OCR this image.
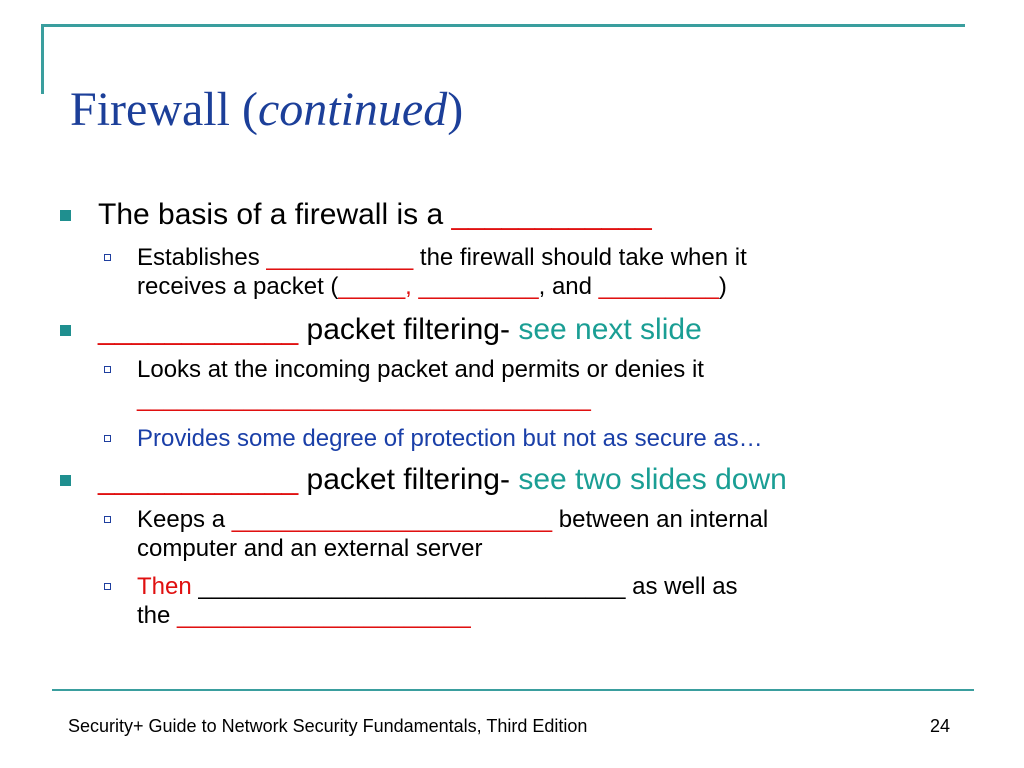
Firewall (continued)
The basis of a firewall is a ____________
Establishes ___________ the firewall should take when it
receives a packet (_____, _________, and _________)
____________ packet filtering- see next slide
Looks at the incoming packet and permits or denies it
__________________________________
Provides some degree of protection but not as secure as…
____________ packet filtering- see two slides down
Keeps a ________________________ between an internal
computer and an external server
Then ________________________________ as well as
the ______________________
Security+ Guide to Network Security Fundamentals, Third Edition	24
